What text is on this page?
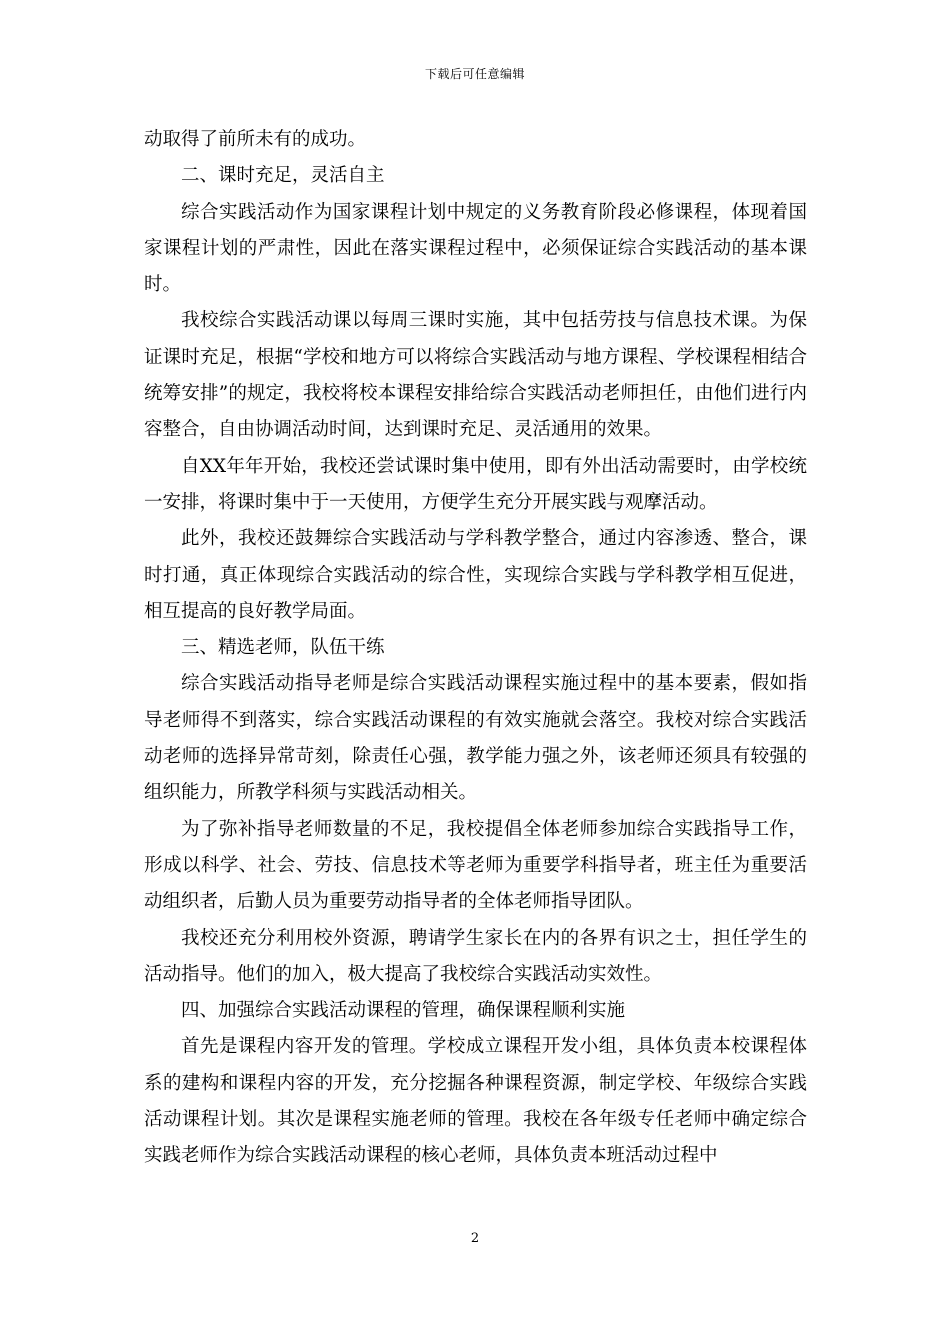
下载后可任意编辑

动取得了前所未有的成功。

二、课时充足，灵活自主

综合实践活动作为国家课程计划中规定的义务教育阶段必修课程，体现着国家课程计划的严肃性，因此在落实课程过程中，必须保证综合实践活动的基本课时。

我校综合实践活动课以每周三课时实施，其中包括劳技与信息技术课。为保证课时充足，根据“学校和地方可以将综合实践活动与地方课程、学校课程相结合统筹安排”的规定，我校将校本课程安排给综合实践活动老师担任，由他们进行内容整合，自由协调活动时间，达到课时充足、灵活通用的效果。

自XX年年开始，我校还尝试课时集中使用，即有外出活动需要时，由学校统一安排，将课时集中于一天使用，方便学生充分开展实践与观摩活动。

此外，我校还鼓舞综合实践活动与学科教学整合，通过内容渗透、整合，课时打通，真正体现综合实践活动的综合性，实现综合实践与学科教学相互促进，相互提高的良好教学局面。

三、精选老师，队伍干练

综合实践活动指导老师是综合实践活动课程实施过程中的基本要素，假如指导老师得不到落实，综合实践活动课程的有效实施就会落空。我校对综合实践活动老师的选择异常苛刻，除责任心强，教学能力强之外，该老师还须具有较强的组织能力，所教学科须与实践活动相关。

为了弥补指导老师数量的不足，我校提倡全体老师参加综合实践指导工作，形成以科学、社会、劳技、信息技术等老师为重要学科指导者，班主任为重要活动组织者，后勤人员为重要劳动指导者的全体老师指导团队。

我校还充分利用校外资源，聘请学生家长在内的各界有识之士，担任学生的活动指导。他们的加入，极大提高了我校综合实践活动实效性。

四、加强综合实践活动课程的管理，确保课程顺利实施

首先是课程内容开发的管理。学校成立课程开发小组，具体负责本校课程体系的建构和课程内容的开发，充分挖掘各种课程资源，制定学校、年级综合实践活动课程计划。其次是课程实施老师的管理。我校在各年级专任老师中确定综合实践老师作为综合实践活动课程的核心老师，具体负责本班活动过程中

2
